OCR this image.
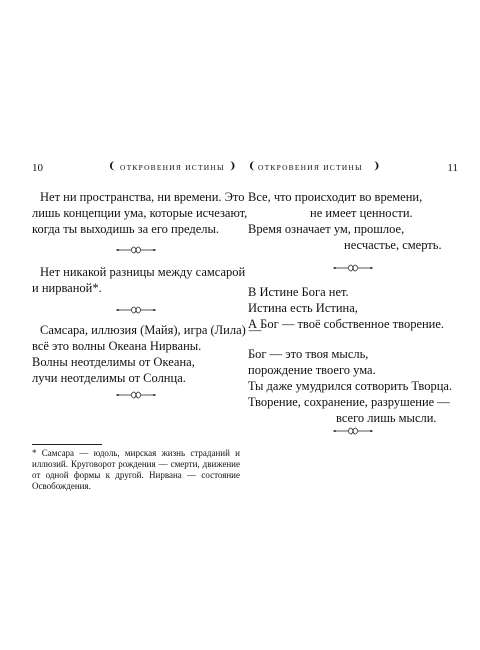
10	❨ ОТКРОВЕНИЯ ИСТИНЫ ❩

Нет ни пространства, ни времени. Это
лишь концепции ума, которые исчезают,
когда ты выходишь за его пределы.

Нет никакой разницы между самсарой
и нирваной*.

Самсара, иллюзия (Майя), игра (Лила) —
всё это волны Океана Нирваны.
Волны неотделимы от Океана,
лучи неотделимы от Солнца.

* Самсара — юдоль, мирская жизнь страданий и иллюзий. Круговорот рождения — смерти, движение от одной формы к другой. Нирвана — состояние Освобождения.
❨ ОТКРОВЕНИЯ ИСТИНЫ ❩	11

Все, что происходит во времени,
не имеет ценности.
Время означает ум, прошлое,
несчастье, смерть.

В Истине Бога нет.
Истина есть Истина,
А Бог — твоё собственное творение.

Бог — это твоя мысль,
порождение твоего ума.
Ты даже умудрился сотворить Творца.
Творение, сохранение, разрушение —
всего лишь мысли.
